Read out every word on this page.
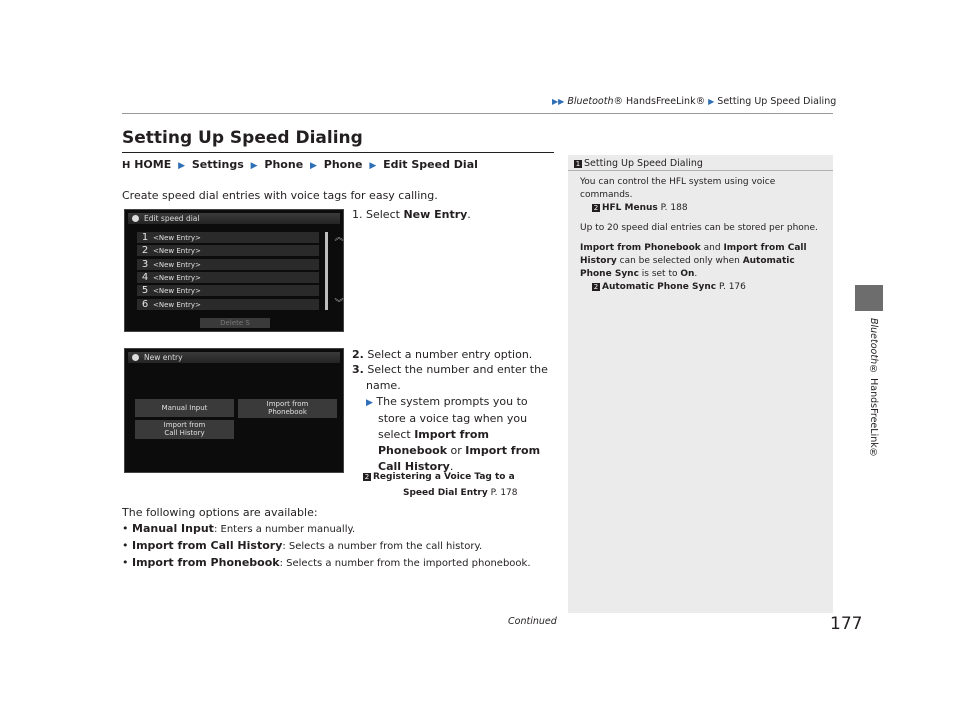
▶▶ Bluetooth® HandsFreeLink® ▶ Setting Up Speed Dialing
Setting Up Speed Dialing
H HOME ▶ Settings ▶ Phone ▶ Phone ▶ Edit Speed Dial
Create speed dial entries with voice tags for easy calling.
Edit speed dial
1 <New Entry>
2 <New Entry>
3 <New Entry>
4 <New Entry>
5 <New Entry>
6 <New Entry>
︽
︾
Delete S
1. Select New Entry.
New entry
Manual Input	Import from
Phonebook
Import from
Call History
2. Select a number entry option.
3. Select the number and enter the
name.
▶ The system prompts you to
store a voice tag when you
select Import from
Phonebook or Import from
Call History.
2 Registering a Voice Tag to a
Speed Dial Entry P. 178
The following options are available:
• Manual Input: Enters a number manually.
• Import from Call History: Selects a number from the call history.
• Import from Phonebook: Selects a number from the imported phonebook.
1 Setting Up Speed Dialing
You can control the HFL system using voice
commands.
2 HFL Menus P. 188
Up to 20 speed dial entries can be stored per phone.
Import from Phonebook and Import from Call
History can be selected only when Automatic
Phone Sync is set to On.
2 Automatic Phone Sync P. 176
Bluetooth® HandsFreeLink®
Continued	177
